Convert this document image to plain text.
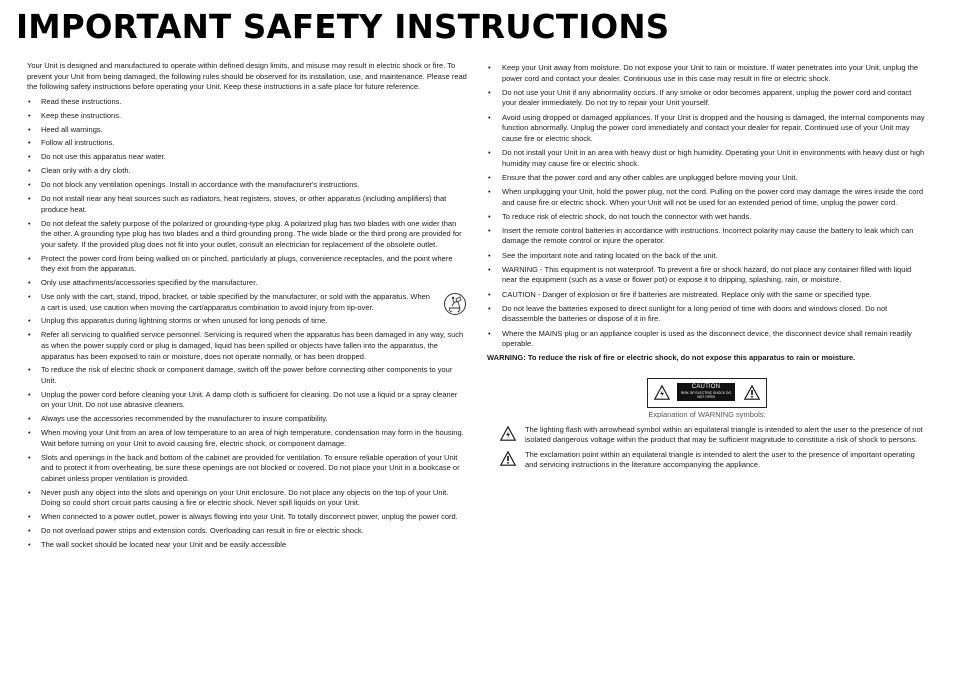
IMPORTANT SAFETY INSTRUCTIONS

Your Unit is designed and manufactured to operate within defined design limits, and misuse may result in electric shock or fire. To prevent your Unit from being damaged, the following rules should be observed for its installation, use, and maintenance. Please read the following safety instructions before operating your Unit. Keep these instructions in a safe place for future reference.

• Read these instructions.
• Keep these instructions.
• Heed all warnings.
• Follow all instructions.
• Do not use this apparatus near water.
• Clean only with a dry cloth.
• Do not block any ventilation openings. Install in accordance with the manufacturer's instructions.
• Do not install near any heat sources such as radiators, heat registers, stoves, or other apparatus (including amplifiers) that produce heat.
• Do not defeat the safety purpose of the polarized or grounding-type plug. A polarized plug has two blades with one wider than the other. A grounding type plug has two blades and a third grounding prong. The wide blade or the third prong are provided for your safety. If the provided plug does not fit into your outlet, consult an electrician for replacement of the obsolete outlet.
• Protect the power cord from being walked on or pinched, particularly at plugs, convenience receptacles, and the point where they exit from the apparatus.
• Only use attachments/accessories specified by the manufacturer.
• Use only with the cart, stand, tripod, bracket, or table specified by the manufacturer, or sold with the apparatus. When a cart is used, use caution when moving the cart/apparatus combination to avoid injury from tip-over.
• Unplug this apparatus during lightning storms or when unused for long periods of time.
• Refer all servicing to qualified service personnel. Servicing is required when the apparatus has been damaged in any way, such as when the power supply cord or plug is damaged, liquid has been spilled or objects have fallen into the apparatus, the apparatus has been exposed to rain or moisture, does not operate normally, or has been dropped.
• To reduce the risk of electric shock or component damage, switch off the power before connecting other components to your Unit.
• Unplug the power cord before cleaning your Unit. A damp cloth is sufficient for cleaning. Do not use a liquid or a spray cleaner on your Unit. Do not use abrasive cleaners.
• Always use the accessories recommended by the manufacturer to insure compatibility.
• When moving your Unit from an area of low temperature to an area of high temperature, condensation may form in the housing. Wait before turning on your Unit to avoid causing fire, electric shock, or component damage.
• Slots and openings in the back and bottom of the cabinet are provided for ventilation. To ensure reliable operation of your Unit and to protect it from overheating, be sure these openings are not blocked or covered. Do not place your Unit in a bookcase or cabinet unless proper ventilation is provided.
• Never push any object into the slots and openings on your Unit enclosure. Do not place any objects on the top of your Unit. Doing so could short circuit parts causing a fire or electric shock. Never spill liquids on your Unit.
• When connected to a power outlet, power is always flowing into your Unit. To totally disconnect power, unplug the power cord.
• Do not overload power strips and extension cords. Overloading can result in fire or electric shock.
• The wall socket should be located near your Unit and be easily accessible
• Keep your Unit away from moisture. Do not expose your Unit to rain or moisture. If water penetrates into your Unit, unplug the power cord and contact your dealer. Continuous use in this case may result in fire or electric shock.
• Do not use your Unit if any abnormality occurs. If any smoke or odor becomes apparent, unplug the power cord and contact your dealer immediately. Do not try to repair your Unit yourself.
• Avoid using dropped or damaged appliances. If your Unit is dropped and the housing is damaged, the internal components may function abnormally. Unplug the power cord immediately and contact your dealer for repair. Continued use of your Unit may cause fire or electric shock.
• Do not install your Unit in an area with heavy dust or high humidity. Operating your Unit in environments with heavy dust or high humidity may cause fire or electric shock.
• Ensure that the power cord and any other cables are unplugged before moving your Unit.
• When unplugging your Unit, hold the power plug, not the cord. Pulling on the power cord may damage the wires inside the cord and cause fire or electric shock. When your Unit will not be used for an extended period of time, unplug the power cord.
• To reduce risk of electric shock, do not touch the connector with wet hands.
• Insert the remote control batteries in accordance with instructions. Incorrect polarity may cause the battery to leak which can damage the remote control or injure the operator.
• See the important note and rating located on the back of the unit.
• WARNING - This equipment is not waterproof. To prevent a fire or shock hazard, do not place any container filled with liquid near the equipment (such as a vase or flower pot) or expose it to dripping, splashing, rain, or moisture.
• CAUTION - Danger of explosion or fire if batteries are mistreated. Replace only with the same or specified type.
• Do not leave the batteries exposed to direct sunlight for a long period of time with doors and windows closed. Do not disassemble the batteries or dispose of it in fire.
• Where the MAINS plug or an appliance coupler is used as the disconnect device, the disconnect device shall remain readily operable.

WARNING: To reduce the risk of fire or electric shock, do not expose this apparatus to rain or moisture.

CAUTION
RISK OF ELECTRIC SHOCK DO NOT OPEN

Explanation of WARNING symbols:

The lighting flash with arrowhead symbol within an equilateral triangle is intended to alert the user to the presence of not isolated dangerous voltage within the product that may be sufficient magnitude to constitute a risk of shock to persons.

The exclamation point within an equilateral triangle is intended to alert the user to the presence of important operating and servicing instructions in the literature accompanying the appliance.
